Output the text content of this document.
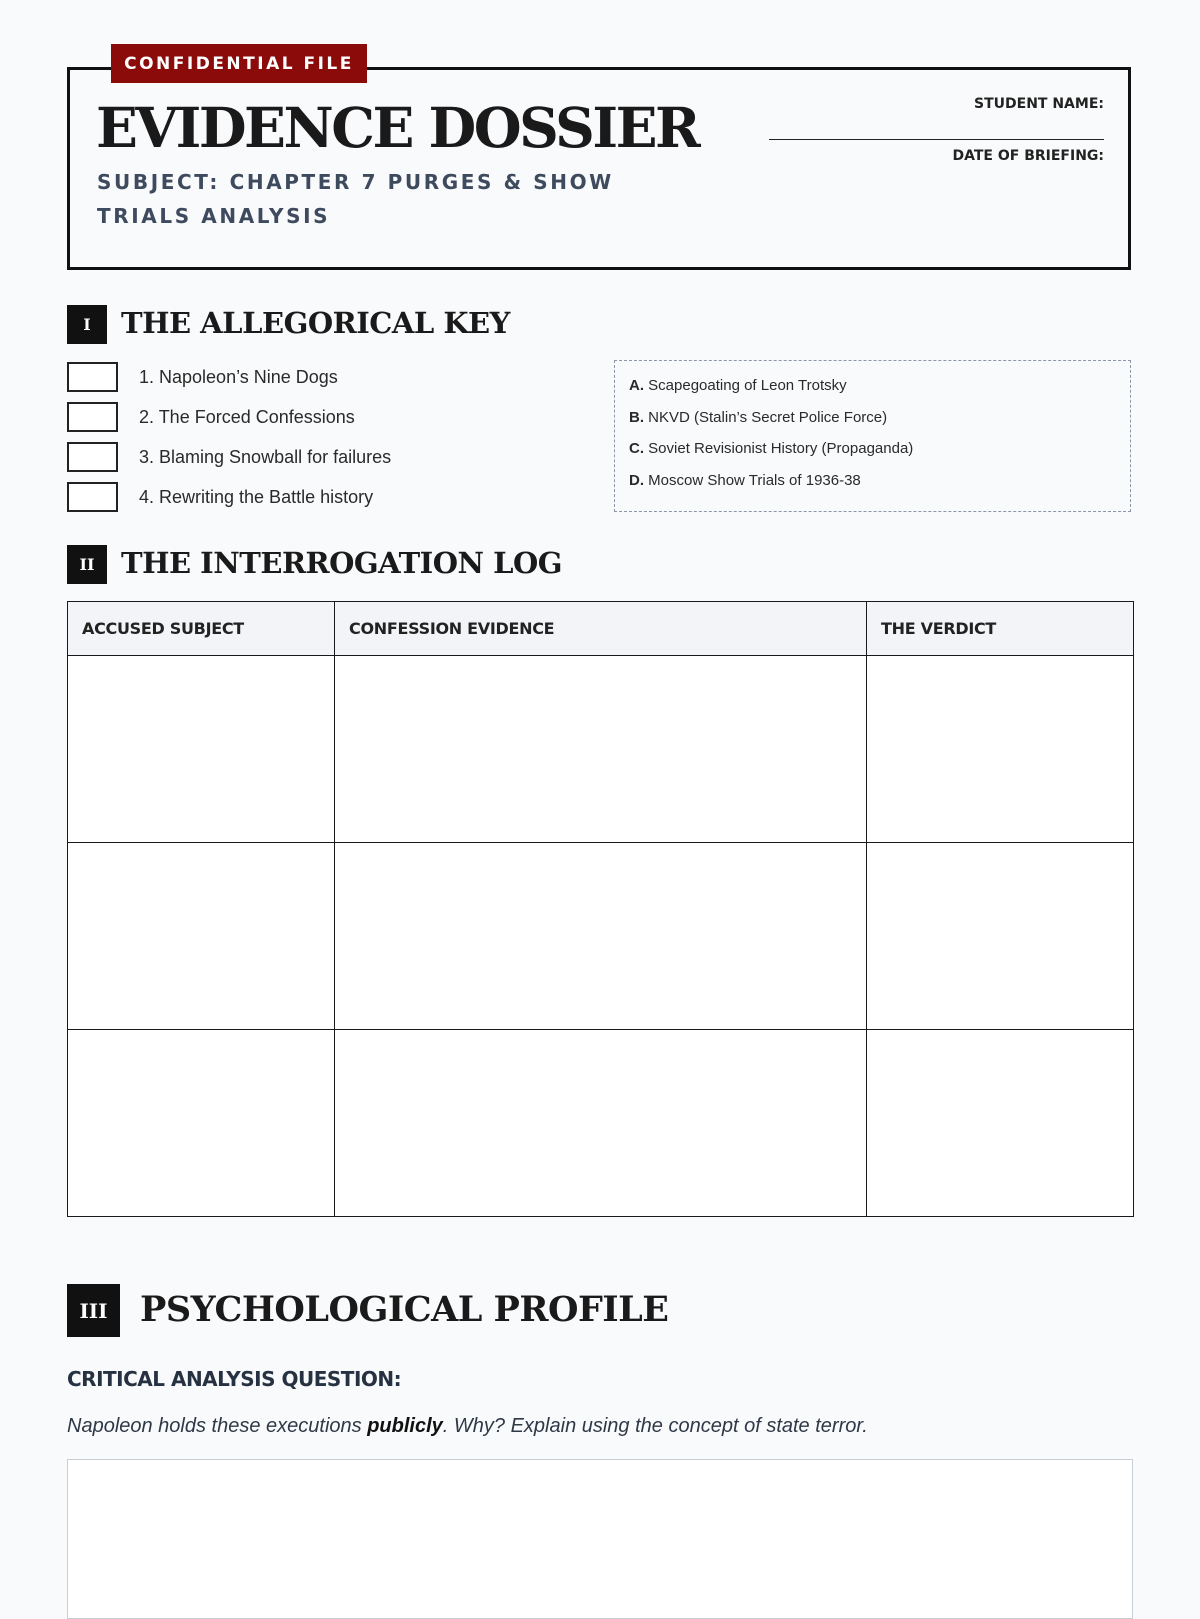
CONFIDENTIAL FILE
EVIDENCE DOSSIER

SUBJECT: CHAPTER 7 PURGES & SHOW TRIALS ANALYSIS

STUDENT NAME:
DATE OF BRIEFING:
I	THE ALLEGORICAL KEY
1. Napoleon’s Nine Dogs
2. The Forced Confessions
3. Blaming Snowball for failures
4. Rewriting the Battle history
A. Scapegoating of Leon Trotsky
B. NKVD (Stalin’s Secret Police Force)
C. Soviet Revisionist History (Propaganda)
D. Moscow Show Trials of 1936-38
II THE INTERROGATION LOG
ACCUSED SUBJECT	CONFESSION EVIDENCE	THE VERDICT

III PSYCHOLOGICAL PROFILE

CRITICAL ANALYSIS QUESTION:

Napoleon holds these executions publicly. Why? Explain using the concept of state terror.
